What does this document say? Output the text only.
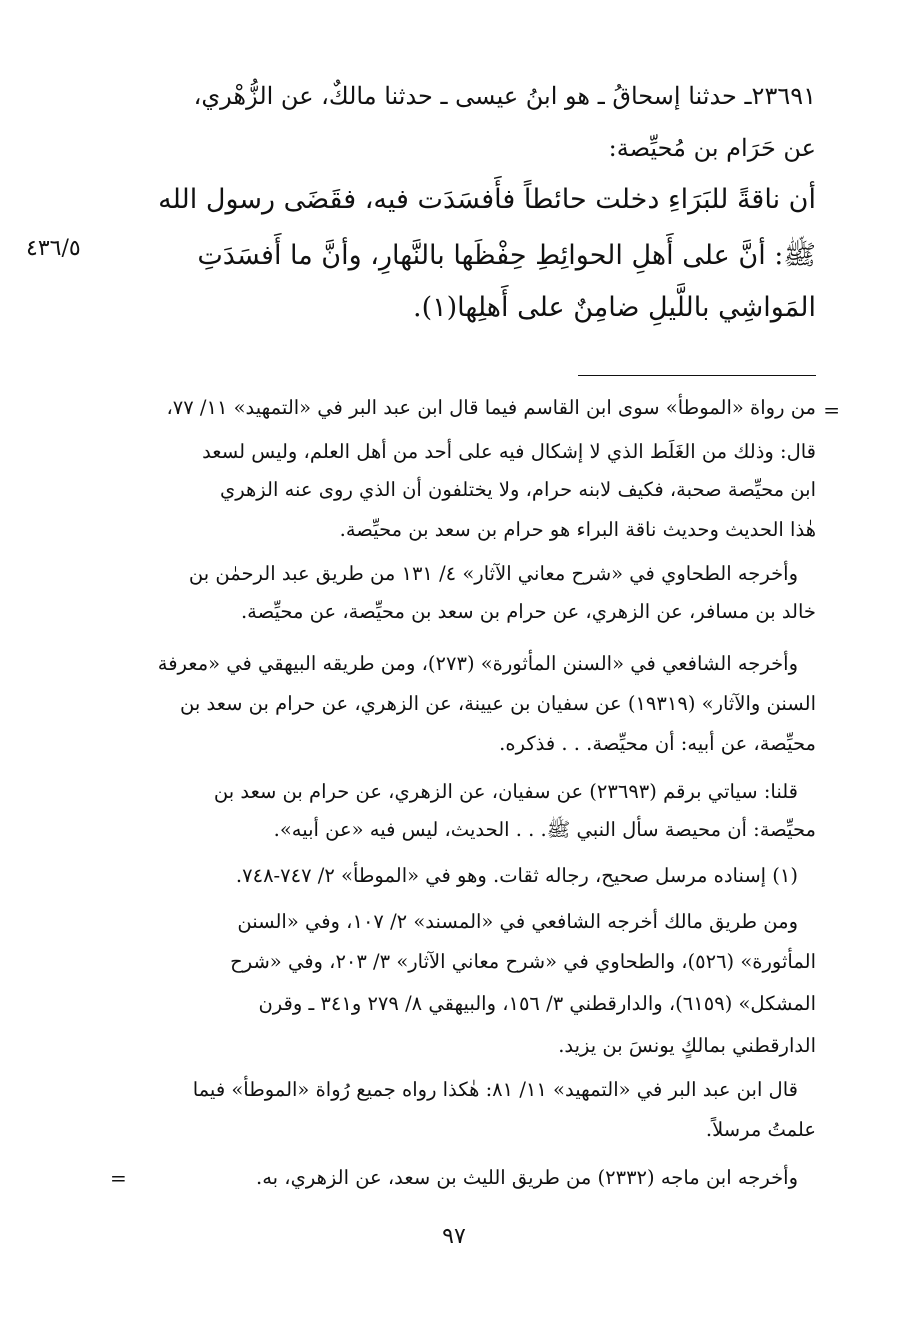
٢٣٦٩١ـ حدثنا إسحاقُ ـ هو ابنُ عيسى ـ حدثنا مالكٌ، عن الزُّهْري،
عن حَرَام بن مُحيِّصة:
أن ناقةً للبَرَاءِ دخلت حائطاً فأَفسَدَت فيه، فقَضَى رسول الله
ﷺ: أنَّ على أَهلِ الحوائِطِ حِفْظَها بالنَّهارِ، وأنَّ ما أَفسَدَتِ
المَواشِي باللَّيلِ ضامِنٌ على أَهلِها(١).
٤٣٦/٥
=
من رواة «الموطأ» سوى ابن القاسم فيما قال ابن عبد البر في «التمهيد» ١١/ ٧٧،
قال: وذلك من الغَلَط الذي لا إشكال فيه على أحد من أهل العلم، وليس لسعد
ابن محيِّصة صحبة، فكيف لابنه حرام، ولا يختلفون أن الذي روى عنه الزهري
هٰذا الحديث وحديث ناقة البراء هو حرام بن سعد بن محيِّصة.
وأخرجه الطحاوي في «شرح معاني الآثار» ٤/ ١٣١ من طريق عبد الرحمٰن بن
خالد بن مسافر، عن الزهري، عن حرام بن سعد بن محيِّصة، عن محيِّصة.
وأخرجه الشافعي في «السنن المأثورة» (٢٧٣)، ومن طريقه البيهقي في «معرفة
السنن والآثار» (١٩٣١٩) عن سفيان بن عيينة، عن الزهري، عن حرام بن سعد بن
محيِّصة، عن أبيه: أن محيِّصة. . . فذكره.
قلنا: سياتي برقم (٢٣٦٩٣) عن سفيان، عن الزهري، عن حرام بن سعد بن
محيِّصة: أن محيصة سأل النبي ﷺ. . . الحديث، ليس فيه «عن أبيه».
(١) إسناده مرسل صحيح، رجاله ثقات. وهو في «الموطأ» ٢/ ٧٤٧-٧٤٨.
ومن طريق مالك أخرجه الشافعي في «المسند» ٢/ ١٠٧، وفي «السنن
المأثورة» (٥٢٦)، والطحاوي في «شرح معاني الآثار» ٣/ ٢٠٣، وفي «شرح
المشكل» (٦١٥٩)، والدارقطني ٣/ ١٥٦، والبيهقي ٨/ ٢٧٩ و٣٤١ ـ وقرن
الدارقطني بمالكٍ يونسَ بن يزيد.
قال ابن عبد البر في «التمهيد» ١١/ ٨١: هٰكذا رواه جميع رُواة «الموطأ» فيما
علمتُ مرسلاً.
وأخرجه ابن ماجه (٢٣٣٢) من طريق الليث بن سعد، عن الزهري، به.
=
٩٧
